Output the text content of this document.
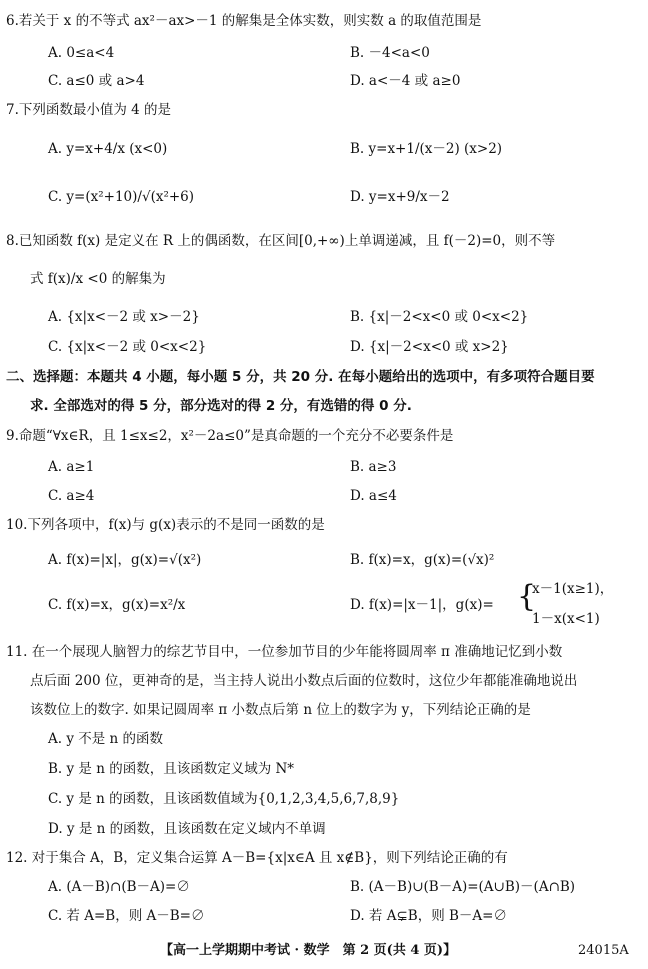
6.若关于 x 的不等式 ax²－ax>－1 的解集是全体实数，则实数 a 的取值范围是
A. 0≤a<4	B. －4<a<0
C. a≤0 或 a>4	D. a<－4 或 a≥0
7.下列函数最小值为 4 的是
A. y=x+4/x (x<0)	B. y=x+1/(x－2) (x>2)
C. y=(x²+10)/√(x²+6)	D. y=x+9/x－2
8.已知函数 f(x) 是定义在 R 上的偶函数，在区间[0,+∞)上单调递减，且 f(－2)=0，则不等
式 f(x)/x <0 的解集为
A. {x|x<－2 或 x>－2}	B. {x|－2<x<0 或 0<x<2}
C. {x|x<－2 或 0<x<2}	D. {x|－2<x<0 或 x>2}
二、选择题：本题共 4 小题，每小题 5 分，共 20 分. 在每小题给出的选项中，有多项符合题目要
求. 全部选对的得 5 分，部分选对的得 2 分，有选错的得 0 分.
9.命题“∀x∈R，且 1≤x≤2，x²－2a≤0”是真命题的一个充分不必要条件是
A. a≥1	B. a≥3
C. a≥4	D. a≤4
10.下列各项中，f(x)与 g(x)表示的不是同一函数的是
A. f(x)=|x|，g(x)=√(x²)	B. f(x)=x，g(x)=(√x)²
C. f(x)=x，g(x)=x²/x	D. f(x)=|x－1|，g(x)= {
x－1(x≥1)，
1－x(x<1)
11. 在一个展现人脑智力的综艺节目中，一位参加节目的少年能将圆周率 π 准确地记忆到小数
点后面 200 位，更神奇的是，当主持人说出小数点后面的位数时，这位少年都能准确地说出
该数位上的数字. 如果记圆周率 π 小数点后第 n 位上的数字为 y，下列结论正确的是
A. y 不是 n 的函数
B. y 是 n 的函数，且该函数定义域为 N*
C. y 是 n 的函数，且该函数值域为{0,1,2,3,4,5,6,7,8,9}
D. y 是 n 的函数，且该函数在定义域内不单调
12. 对于集合 A，B，定义集合运算 A－B={x|x∈A 且 x∉B}，则下列结论正确的有
A. (A－B)∩(B－A)=∅	B. (A－B)∪(B－A)=(A∪B)－(A∩B)
C. 若 A=B，则 A－B=∅	D. 若 A⊊B，则 B－A=∅
【高一上学期期中考试 · 数学　第 2 页(共 4 页)】	24015A
